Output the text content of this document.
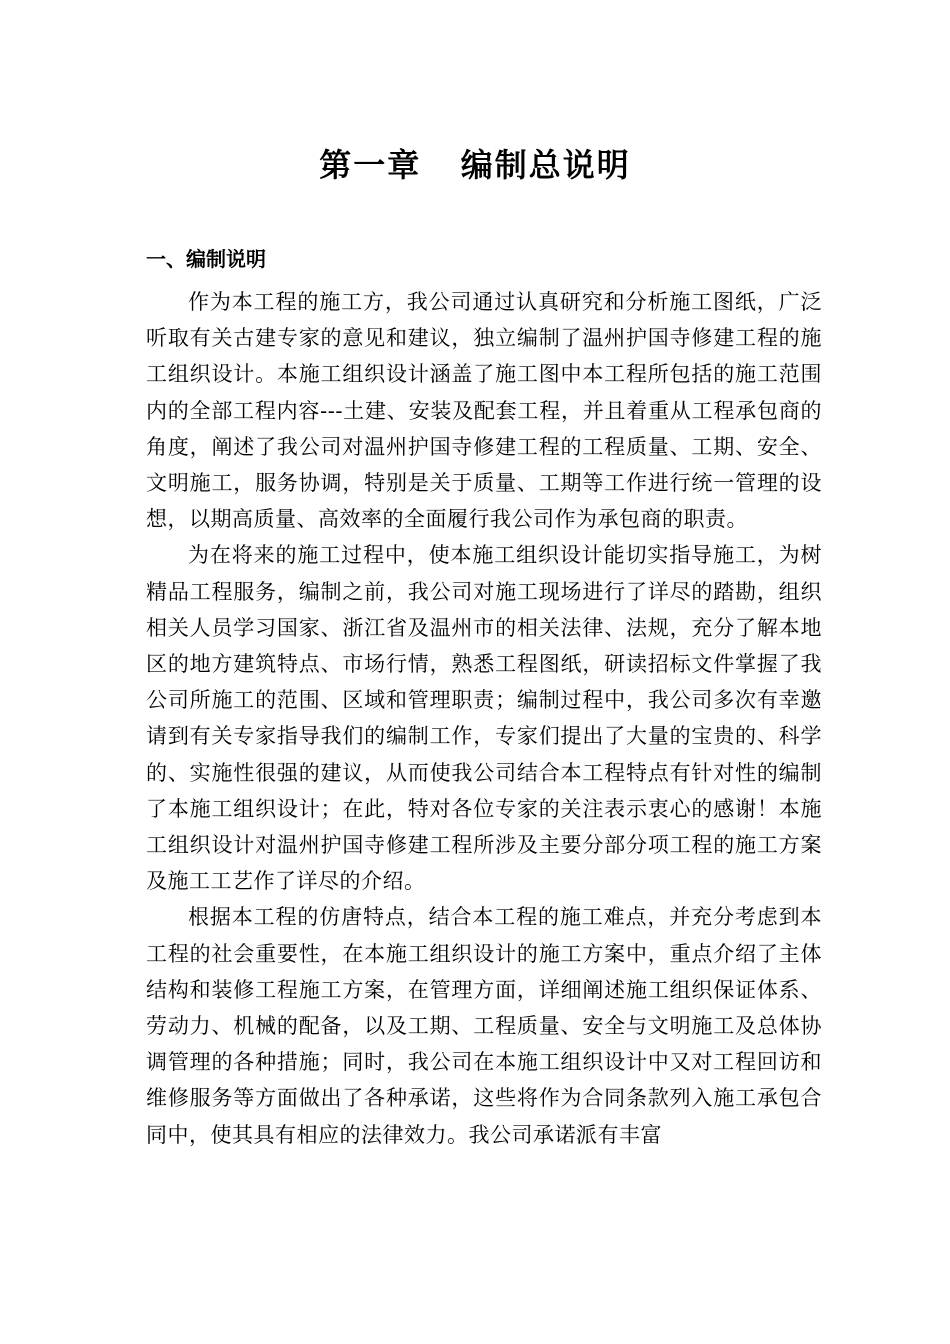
第一章   编制总说明
一、编制说明

作为本工程的施工方，我公司通过认真研究和分析施工图纸，广泛听取有关古建专家的意见和建议，独立编制了温州护国寺修建工程的施工组织设计。本施工组织设计涵盖了施工图中本工程所包括的施工范围内的全部工程内容---土建、安装及配套工程，并且着重从工程承包商的角度，阐述了我公司对温州护国寺修建工程的工程质量、工期、安全、文明施工，服务协调，特别是关于质量、工期等工作进行统一管理的设想，以期高质量、高效率的全面履行我公司作为承包商的职责。

为在将来的施工过程中，使本施工组织设计能切实指导施工，为树精品工程服务，编制之前，我公司对施工现场进行了详尽的踏勘，组织相关人员学习国家、浙江省及温州市的相关法律、法规，充分了解本地区的地方建筑特点、市场行情，熟悉工程图纸，研读招标文件掌握了我公司所施工的范围、区域和管理职责；编制过程中，我公司多次有幸邀请到有关专家指导我们的编制工作，专家们提出了大量的宝贵的、科学的、实施性很强的建议，从而使我公司结合本工程特点有针对性的编制了本施工组织设计；在此，特对各位专家的关注表示衷心的感谢！本施工组织设计对温州护国寺修建工程所涉及主要分部分项工程的施工方案及施工工艺作了详尽的介绍。

根据本工程的仿唐特点，结合本工程的施工难点，并充分考虑到本工程的社会重要性，在本施工组织设计的施工方案中，重点介绍了主体结构和装修工程施工方案，在管理方面，详细阐述施工组织保证体系、劳动力、机械的配备，以及工期、工程质量、安全与文明施工及总体协调管理的各种措施；同时，我公司在本施工组织设计中又对工程回访和维修服务等方面做出了各种承诺，这些将作为合同条款列入施工承包合同中，使其具有相应的法律效力。我公司承诺派有丰富
